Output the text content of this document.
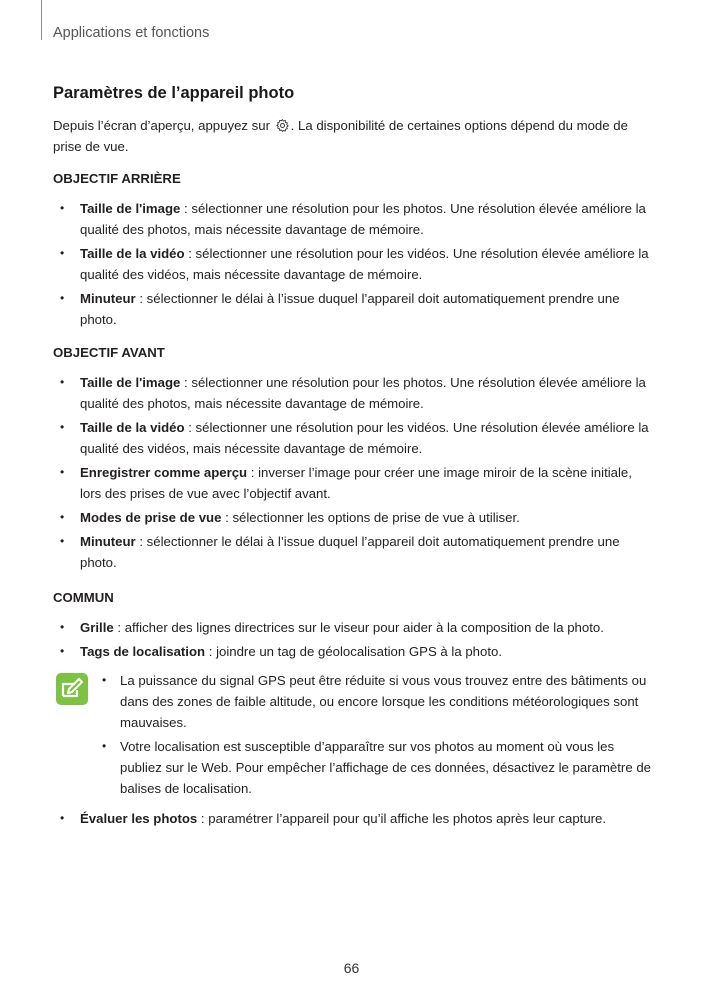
Applications et fonctions
Paramètres de l’appareil photo
Depuis l’écran d’aperçu, appuyez sur . La disponibilité de certaines options dépend du mode de prise de vue.
OBJECTIF ARRIÈRE
• Taille de l'image : sélectionner une résolution pour les photos. Une résolution élevée améliore la qualité des photos, mais nécessite davantage de mémoire.
• Taille de la vidéo : sélectionner une résolution pour les vidéos. Une résolution élevée améliore la qualité des vidéos, mais nécessite davantage de mémoire.
• Minuteur : sélectionner le délai à l’issue duquel l’appareil doit automatiquement prendre une photo.
OBJECTIF AVANT
• Taille de l'image : sélectionner une résolution pour les photos. Une résolution élevée améliore la qualité des photos, mais nécessite davantage de mémoire.
• Taille de la vidéo : sélectionner une résolution pour les vidéos. Une résolution élevée améliore la qualité des vidéos, mais nécessite davantage de mémoire.
• Enregistrer comme aperçu : inverser l’image pour créer une image miroir de la scène initiale, lors des prises de vue avec l’objectif avant.
• Modes de prise de vue : sélectionner les options de prise de vue à utiliser.
• Minuteur : sélectionner le délai à l’issue duquel l’appareil doit automatiquement prendre une photo.
COMMUN
• Grille : afficher des lignes directrices sur le viseur pour aider à la composition de la photo.
• Tags de localisation : joindre un tag de géolocalisation GPS à la photo.
• La puissance du signal GPS peut être réduite si vous vous trouvez entre des bâtiments ou dans des zones de faible altitude, ou encore lorsque les conditions météorologiques sont mauvaises.
• Votre localisation est susceptible d’apparaître sur vos photos au moment où vous les publiez sur le Web. Pour empêcher l’affichage de ces données, désactivez le paramètre de balises de localisation.
• Évaluer les photos : paramétrer l’appareil pour qu’il affiche les photos après leur capture.
66
